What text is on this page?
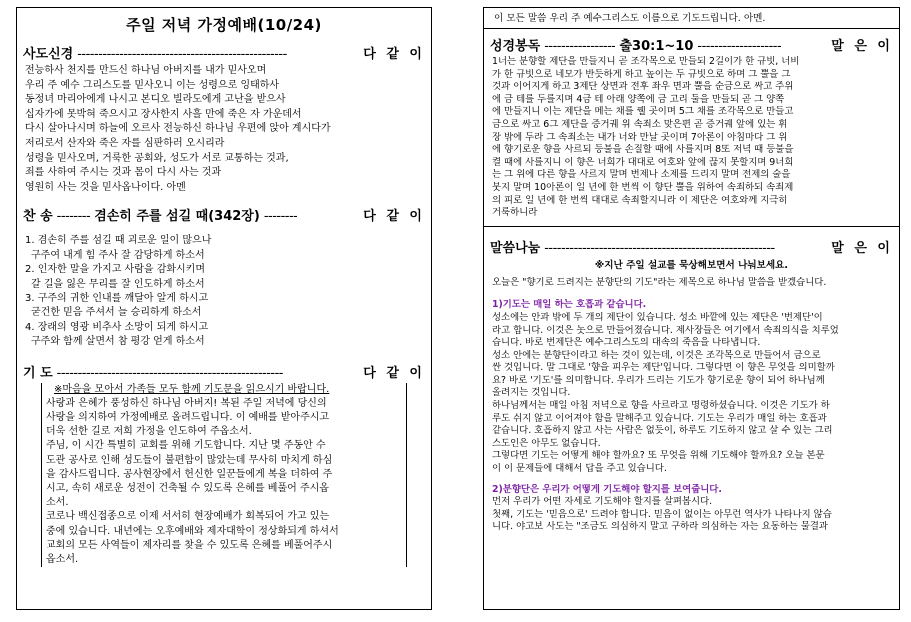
주일 저녁 가정예배(10/24)
사도신경 --------------------------------------------------	다 같 이
전능하사 천지를 만드신 하나님 아버지를 내가 믿사오며
우리 주 예수 그리스도를 믿사오니 이는 성령으로 잉태하사
동정녀 마리아에게 나시고 본디오 빌라도에게 고난을 받으사
십자가에 못박혀 죽으시고 장사한지 사흘 만에 죽은 자 가운데서
다시 살아나시며 하늘에 오르사 전능하신 하나님 우편에 앉아 계시다가
저리로서 산자와 죽은 자를 심판하러 오시리라
성령을 믿사오며, 거룩한 공회와, 성도가 서로 교통하는 것과,
죄를 사하여 주시는 것과 몸이 다시 사는 것과
영원히 사는 것을 믿사옵나이다. 아멘
찬 송 -------- 겸손히 주를 섬길 때(342장) --------	다 같 이
1. 겸손히 주를 섬길 때 괴로운 일이 많으나
구주여 내게 힘 주사 잘 감당하게 하소서
2. 인자한 말을 가지고 사람을 감화시키며
갈 길을 잃은 무리를 잘 인도하게 하소서
3. 구주의 귀한 인내를 깨달아 알게 하시고
굳건한 믿음 주셔서 늘 승리하게 하소서
4. 장래의 영광 비추사 소망이 되게 하시고
구주와 함께 살면서 참 평강 얻게 하소서
기 도 ------------------------------------------------------	다 같 이
※마음을 모아서 가족들 모두 함께 기도문을 읽으시기 바랍니다.
사랑과 은혜가 풍성하신 하나님 아버지! 복된 주일 저녁에 당신의
사랑을 의지하여 가정예배로 올려드립니다. 이 예배를 받아주시고
더욱 선한 길로 저희 가정을 인도하여 주옵소서.
주님, 이 시간 특별히 교회를 위해 기도합니다. 지난 몇 주동안 수
도관 공사로 인해 성도들이 불편함이 많았는데 무사히 마치게 하심
을 감사드립니다. 공사현장에서 헌신한 일꾼들에게 복을 더하여 주
시고, 속히 새로운 성전이 건축될 수 있도록 은혜를 베풀어 주시옵
소서.
코로나 백신접종으로 이제 서서히 현장예배가 회복되어 가고 있는
중에 있습니다. 내년에는 오후예배와 제자대학이 정상화되게 하셔서
교회의 모든 사역들이 제자리를 찾을 수 있도록 은혜를 베풀어주시
옵소서.
이 모든 말씀 우리 주 예수그리스도 이름으로 기도드립니다. 아멘.
성경봉독 ----------------- 출30:1~10 --------------------	말 은 이
1너는 분향할 제단을 만들지니 곧 조각목으로 만들되 2길이가 한 규빗, 너비
가 한 규빗으로 네모가 반듯하게 하고 높이는 두 규빗으로 하며 그 뿔을 그
것과 이어지게 하고 3제단 상면과 전후 좌우 면과 뿔을 순금으로 싸고 주위
에 금 테를 두를지며 4금 테 아래 양쪽에 금 고리 둘을 만들되 곧 그 양쪽
에 만들지니 이는 제단을 메는 채를 꿸 곳이며 5그 채를 조각목으로 만들고
금으로 싸고 6그 제단을 증거궤 위 속죄소 맞은편 곧 증거궤 앞에 있는 휘
장 밖에 두라 그 속죄소는 내가 너와 만날 곳이며 7아론이 아침마다 그 위
에 향기로운 향을 사르되 등불을 손질할 때에 사를지며 8또 저녁 때 등불을
켤 때에 사를지니 이 향은 너희가 대대로 여호와 앞에 끊지 못할지며 9너희
는 그 위에 다른 향을 사르지 말며 번제나 소제를 드리지 말며 전제의 술을
붓지 말며 10아론이 일 년에 한 번씩 이 향단 뿔을 위하여 속죄하되 속죄제
의 피로 일 년에 한 번씩 대대로 속죄할지니라 이 제단은 여호와께 지극히
거룩하니라
말씀나눔 -------------------------------------------------------	말 은 이
※지난 주일 설교를 묵상해보면서 나눠보세요.
오늘은 "향기로 드려지는 분향단의 기도"라는 제목으로 하나님 말씀을 받겠습니다.
1)기도는 매일 하는 호흡과 같습니다.
성소에는 안과 밖에 두 개의 제단이 있습니다. 성소 바깥에 있는 제단은 '번제단'이
라고 합니다. 이것은 놋으로 만들어졌습니다. 제사장들은 여기에서 속죄의식을 치루었
습니다. 바로 번제단은 예수그리스도의 대속의 죽음을 나타냅니다.
성소 안에는 분향단이라고 하는 것이 있는데, 이것은 조각목으로 만들어서 금으로
싼 것입니다. 말 그대로 '향을 피우는 제단'입니다. 그렇다면 이 향은 무엇을 의미할까
요? 바로 '기도'를 의미합니다. 우리가 드리는 기도가 향기로운 향이 되어 하나님께
올려지는 것입니다.
하나님께서는 매일 아침 저녁으로 향을 사르라고 명령하셨습니다. 이것은 기도가 하
루도 쉬지 않고 이어져야 함을 말해주고 있습니다. 기도는 우리가 매일 하는 호흡과
같습니다. 호흡하지 않고 사는 사람은 없듯이, 하루도 기도하지 않고 살 수 있는 그리
스도인은 아무도 없습니다.
그렇다면 기도는 어떻게 해야 할까요? 또 무엇을 위해 기도해야 할까요? 오늘 본문
이 이 문제들에 대해서 답을 주고 있습니다.
2)분향단은 우리가 어떻게 기도해야 할지를 보여줍니다.
먼저 우리가 어떤 자세로 기도해야 할지를 살펴봅시다.
첫째, 기도는 '믿음으로' 드려야 합니다. 믿음이 없이는 아무런 역사가 나타나지 않습
니다. 야고보 사도는 "조금도 의심하지 말고 구하라 의심하는 자는 요동하는 물결과
